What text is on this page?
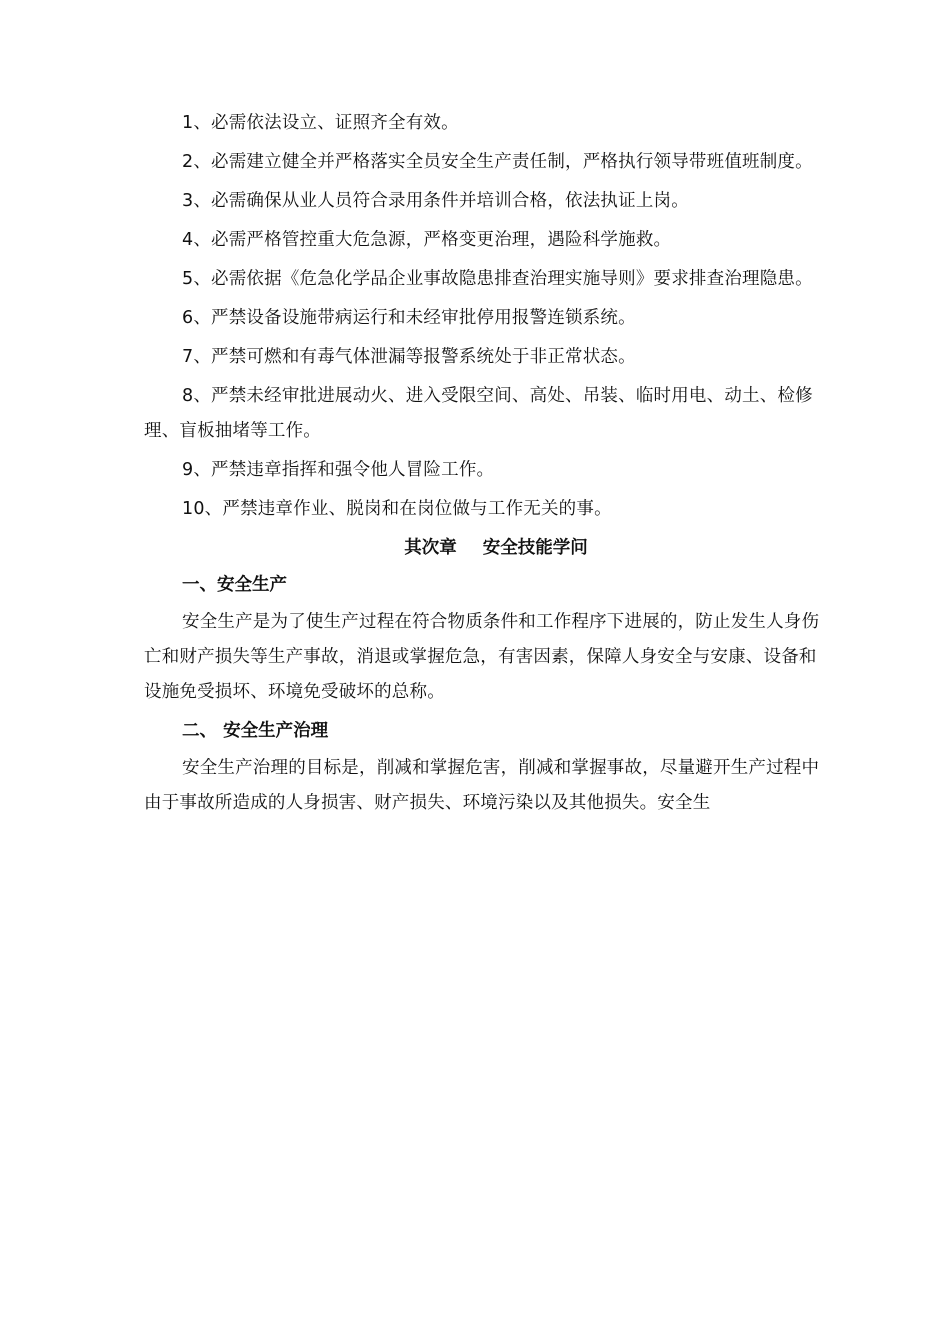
1、必需依法设立、证照齐全有效。

2、必需建立健全并严格落实全员安全生产责任制，严格执行领导带班值班制度。

3、必需确保从业人员符合录用条件并培训合格，依法执证上岗。

4、必需严格管控重大危急源，严格变更治理，遇险科学施救。

5、必需依据《危急化学品企业事故隐患排查治理实施导则》要求排查治理隐患。

6、严禁设备设施带病运行和未经审批停用报警连锁系统。

7、严禁可燃和有毒气体泄漏等报警系统处于非正常状态。

8、严禁未经审批进展动火、进入受限空间、高处、吊装、临时用电、动土、检修理、盲板抽堵等工作。

9、严禁违章指挥和强令他人冒险工作。

10、严禁违章作业、脱岗和在岗位做与工作无关的事。

其次章 安全技能学问
一、安全生产

安全生产是为了使生产过程在符合物质条件和工作程序下进展的，防止发生人身伤亡和财产损失等生产事故，消退或掌握危急，有害因素，保障人身安全与安康、设备和设施免受损坏、环境免受破坏的总称。

二、 安全生产治理

安全生产治理的目标是，削减和掌握危害，削减和掌握事故，尽量避开生产过程中由于事故所造成的人身损害、财产损失、环境污染以及其他损失。安全生
